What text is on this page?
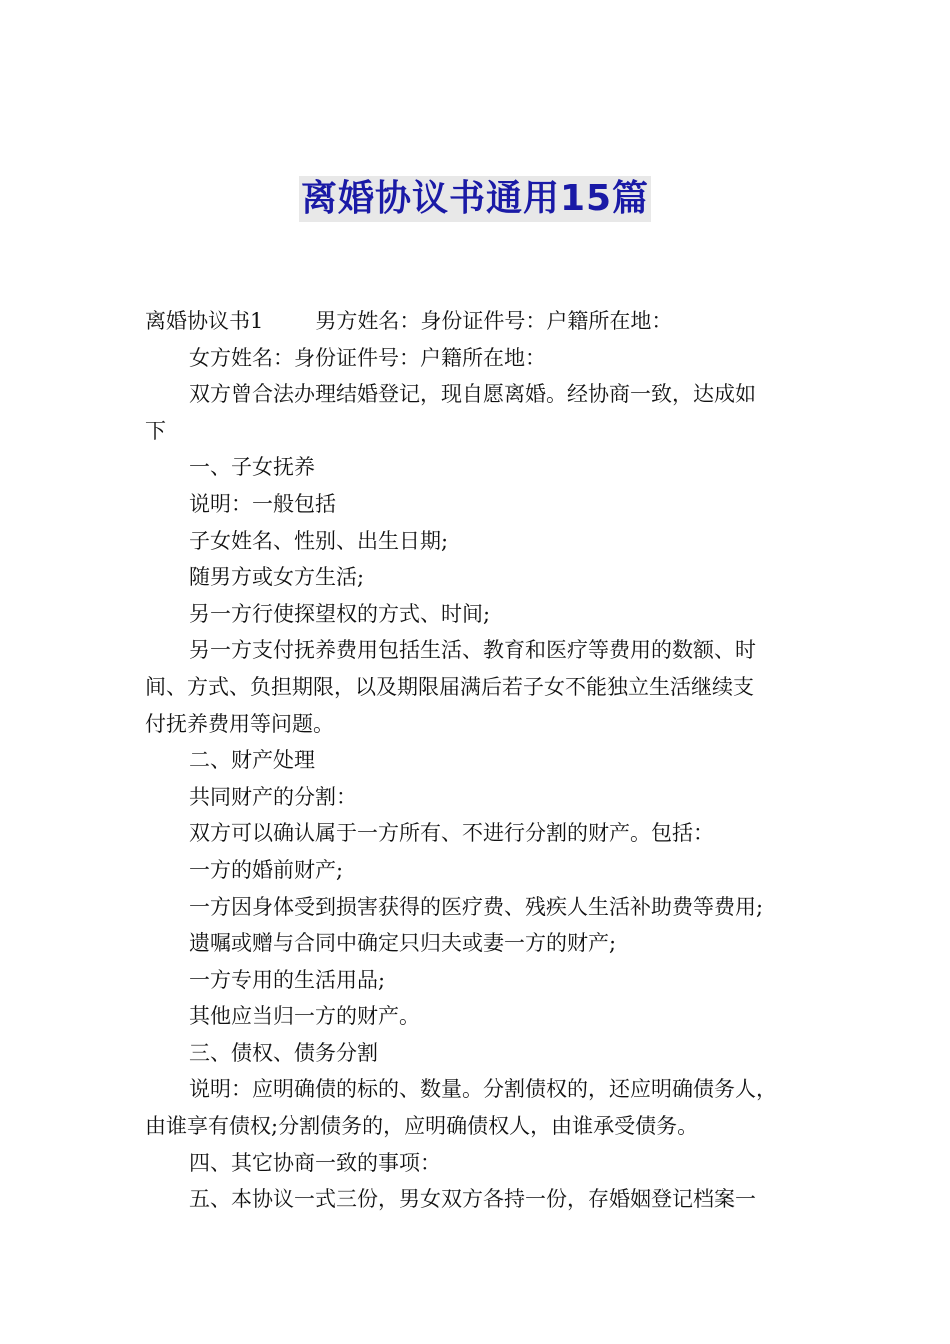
离婚协议书通用15篇

离婚协议书1 男方姓名：身份证件号：户籍所在地：

女方姓名：身份证件号：户籍所在地：

双方曾合法办理结婚登记，现自愿离婚。经协商一致，达成如

下

一、子女抚养

说明：一般包括

子女姓名、性别、出生日期;

随男方或女方生活;

另一方行使探望权的方式、时间;

另一方支付抚养费用包括生活、教育和医疗等费用的数额、时

间、方式、负担期限，以及期限届满后若子女不能独立生活继续支

付抚养费用等问题。

二、财产处理

共同财产的分割：

双方可以确认属于一方所有、不进行分割的财产。包括：

一方的婚前财产;

一方因身体受到损害获得的医疗费、残疾人生活补助费等费用;

遗嘱或赠与合同中确定只归夫或妻一方的财产;

一方专用的生活用品;

其他应当归一方的财产。

三、债权、债务分割

说明：应明确债的标的、数量。分割债权的，还应明确债务人，

由谁享有债权;分割债务的，应明确债权人，由谁承受债务。

四、其它协商一致的事项：

五、本协议一式三份，男女双方各持一份，存婚姻登记档案一
